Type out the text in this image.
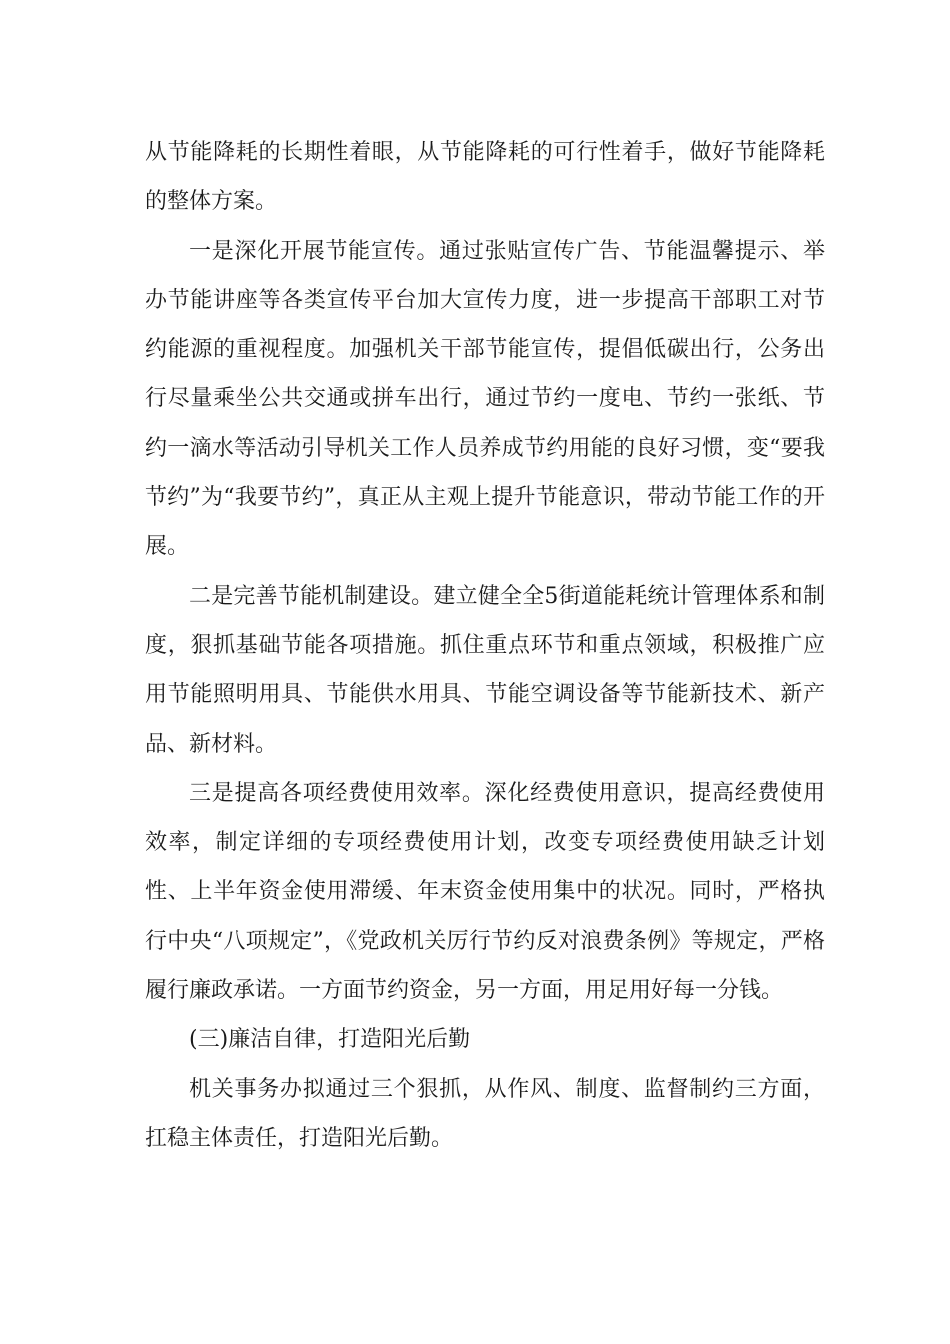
从节能降耗的长期性着眼，从节能降耗的可行性着手，做好节能降耗的整体方案。

一是深化开展节能宣传。通过张贴宣传广告、节能温馨提示、举办节能讲座等各类宣传平台加大宣传力度，进一步提高干部职工对节约能源的重视程度。加强机关干部节能宣传，提倡低碳出行，公务出行尽量乘坐公共交通或拼车出行，通过节约一度电、节约一张纸、节约一滴水等活动引导机关工作人员养成节约用能的良好习惯，变“要我节约”为“我要节约”，真正从主观上提升节能意识，带动节能工作的开展。

二是完善节能机制建设。建立健全全5街道能耗统计管理体系和制度，狠抓基础节能各项措施。抓住重点环节和重点领域，积极推广应用节能照明用具、节能供水用具、节能空调设备等节能新技术、新产品、新材料。

三是提高各项经费使用效率。深化经费使用意识，提高经费使用效率，制定详细的专项经费使用计划，改变专项经费使用缺乏计划性、上半年资金使用滞缓、年末资金使用集中的状况。同时，严格执行中央“八项规定”，《党政机关厉行节约反对浪费条例》等规定，严格履行廉政承诺。一方面节约资金，另一方面，用足用好每一分钱。

(三)廉洁自律，打造阳光后勤

机关事务办拟通过三个狠抓，从作风、制度、监督制约三方面，扛稳主体责任，打造阳光后勤。
